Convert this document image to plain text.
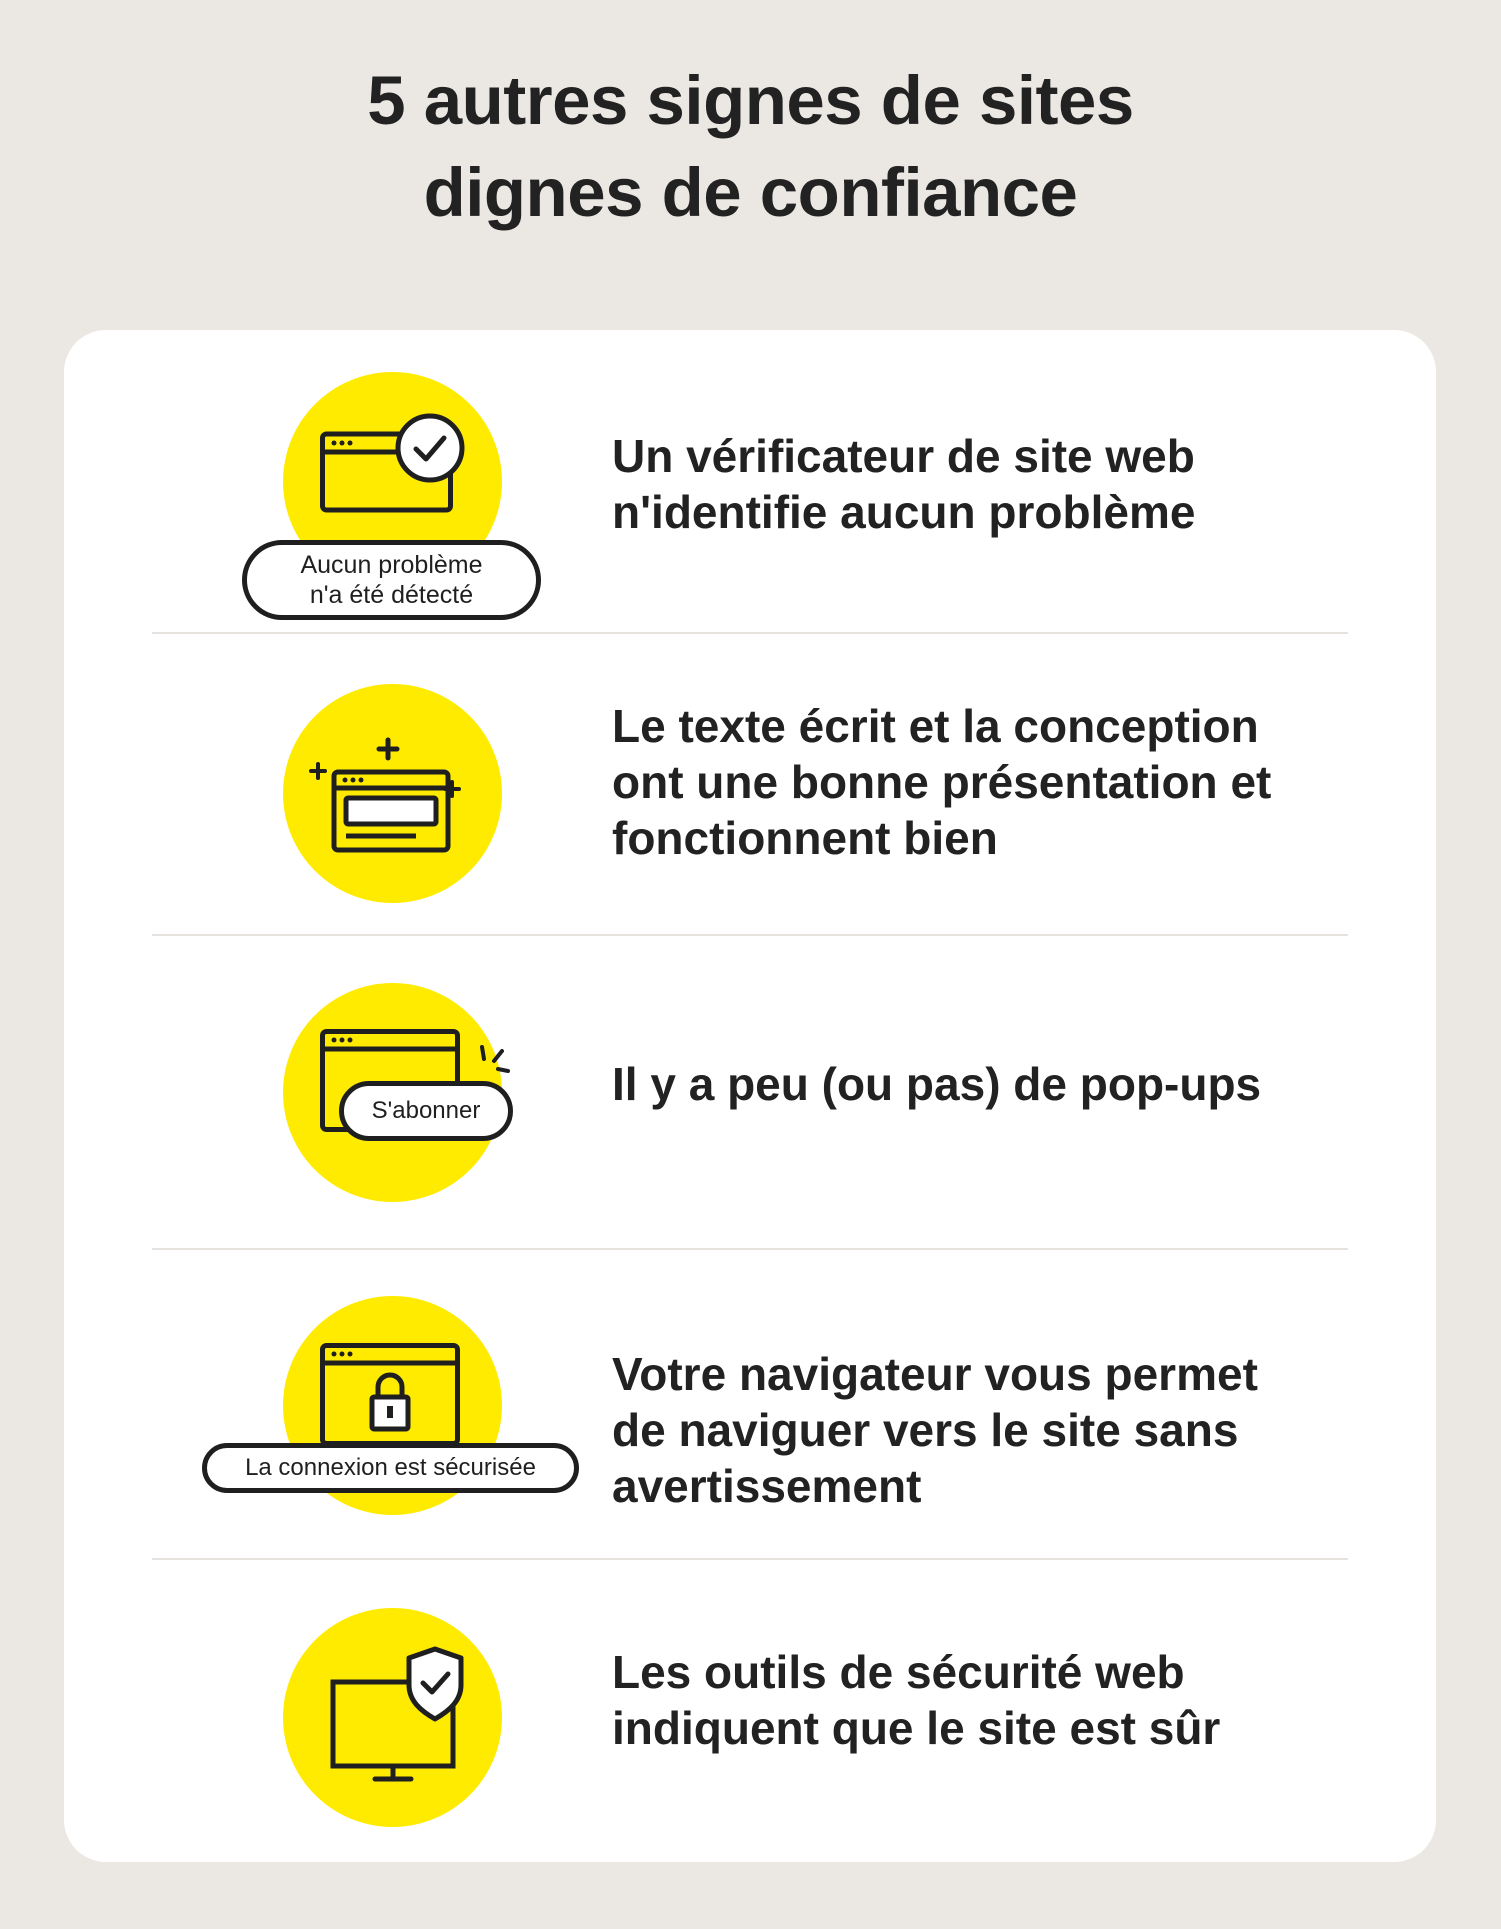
5 autres signes de sites
dignes de confiance
Aucun problème
n'a été détecté
Un vérificateur de site web
n'identifie aucun problème
Le texte écrit et la conception
ont une bonne présentation et
fonctionnent bien
S'abonner
Il y a peu (ou pas) de pop-ups
La connexion est sécurisée
Votre navigateur vous permet
de naviguer vers le site sans
avertissement
Les outils de sécurité web
indiquent que le site est sûr
